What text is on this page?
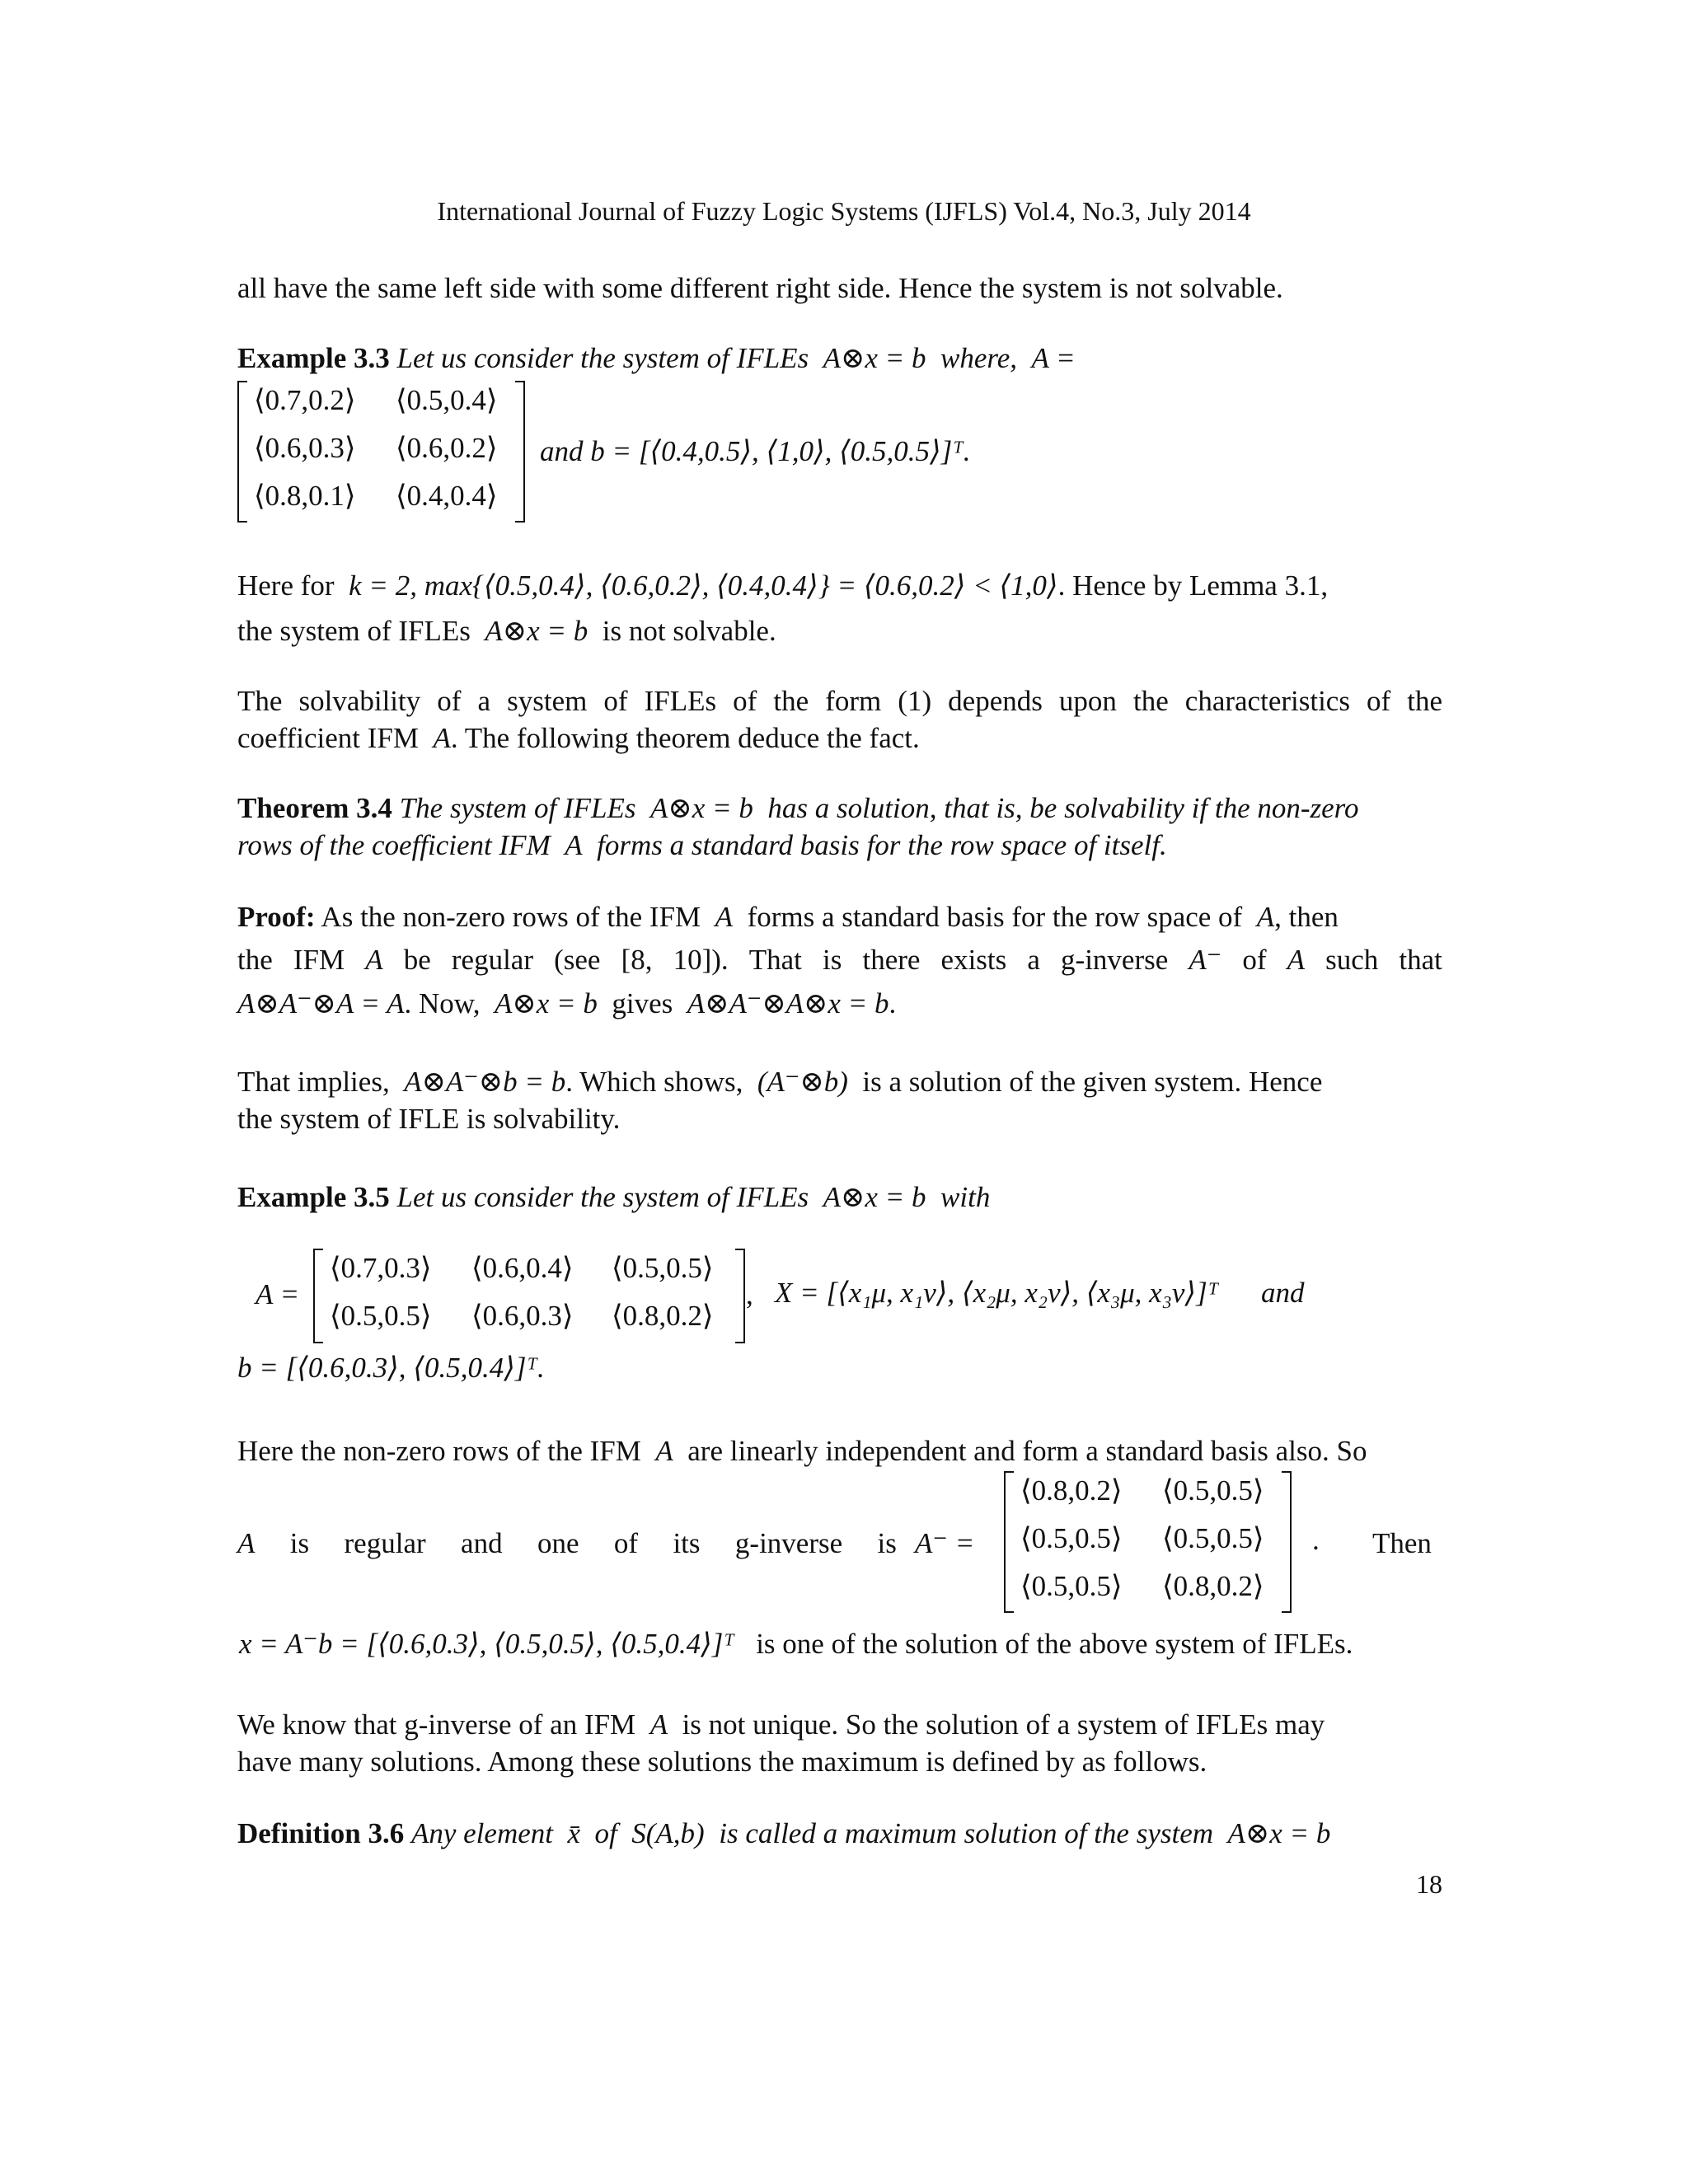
International Journal of Fuzzy Logic Systems (IJFLS) Vol.4, No.3, July 2014
all have the same left side with some different right side. Hence the system is not solvable.
Example 3.3 Let us consider the system of IFLEs A⊗x = b where, A =
⟨0.7,0.2⟩ ⟨0.5,0.4⟩
⟨0.6,0.3⟩ ⟨0.6,0.2⟩
⟨0.8,0.1⟩ ⟨0.4,0.4⟩
and b = [⟨0.4,0.5⟩, ⟨1,0⟩, ⟨0.5,0.5⟩]ᵀ.
Here for k = 2, max{⟨0.5,0.4⟩, ⟨0.6,0.2⟩, ⟨0.4,0.4⟩} = ⟨0.6,0.2⟩ < ⟨1,0⟩. Hence by Lemma 3.1,
the system of IFLEs A⊗x = b is not solvable.
The solvability of a system of IFLEs of the form (1) depends upon the characteristics of the
coefficient IFM A. The following theorem deduce the fact.
Theorem 3.4 The system of IFLEs A⊗x = b has a solution, that is, be solvability if the non-zero
rows of the coefficient IFM A forms a standard basis for the row space of itself.
Proof: As the non-zero rows of the IFM A forms a standard basis for the row space of A, then
the IFM A be regular (see [8, 10]). That is there exists a g-inverse A⁻ of A such that
A⊗A⁻⊗A = A. Now, A⊗x = b gives A⊗A⁻⊗A⊗x = b.
That implies, A⊗A⁻⊗b = b. Which shows, (A⁻⊗b) is a solution of the given system. Hence
the system of IFLE is solvability.
Example 3.5 Let us consider the system of IFLEs A⊗x = b with
A =
⟨0.7,0.3⟩ ⟨0.6,0.4⟩ ⟨0.5,0.5⟩
⟨0.5,0.5⟩ ⟨0.6,0.3⟩ ⟨0.8,0.2⟩
, X = [⟨x₁μ, x₁ν⟩, ⟨x₂μ, x₂ν⟩, ⟨x₃μ, x₃ν⟩]ᵀ and
b = [⟨0.6,0.3⟩, ⟨0.5,0.4⟩]ᵀ.
Here the non-zero rows of the IFM A are linearly independent and form a standard basis also. So
A is regular and one of its g-inverse is A⁻ =
⟨0.8,0.2⟩ ⟨0.5,0.5⟩
⟨0.5,0.5⟩ ⟨0.5,0.5⟩
⟨0.5,0.5⟩ ⟨0.8,0.2⟩
. Then
x = A⁻b = [⟨0.6,0.3⟩, ⟨0.5,0.5⟩, ⟨0.5,0.4⟩]ᵀ is one of the solution of the above system of IFLEs.
We know that g-inverse of an IFM A is not unique. So the solution of a system of IFLEs may
have many solutions. Among these solutions the maximum is defined by as follows.
Definition 3.6 Any element x̄ of S(A,b) is called a maximum solution of the system A⊗x = b
18
